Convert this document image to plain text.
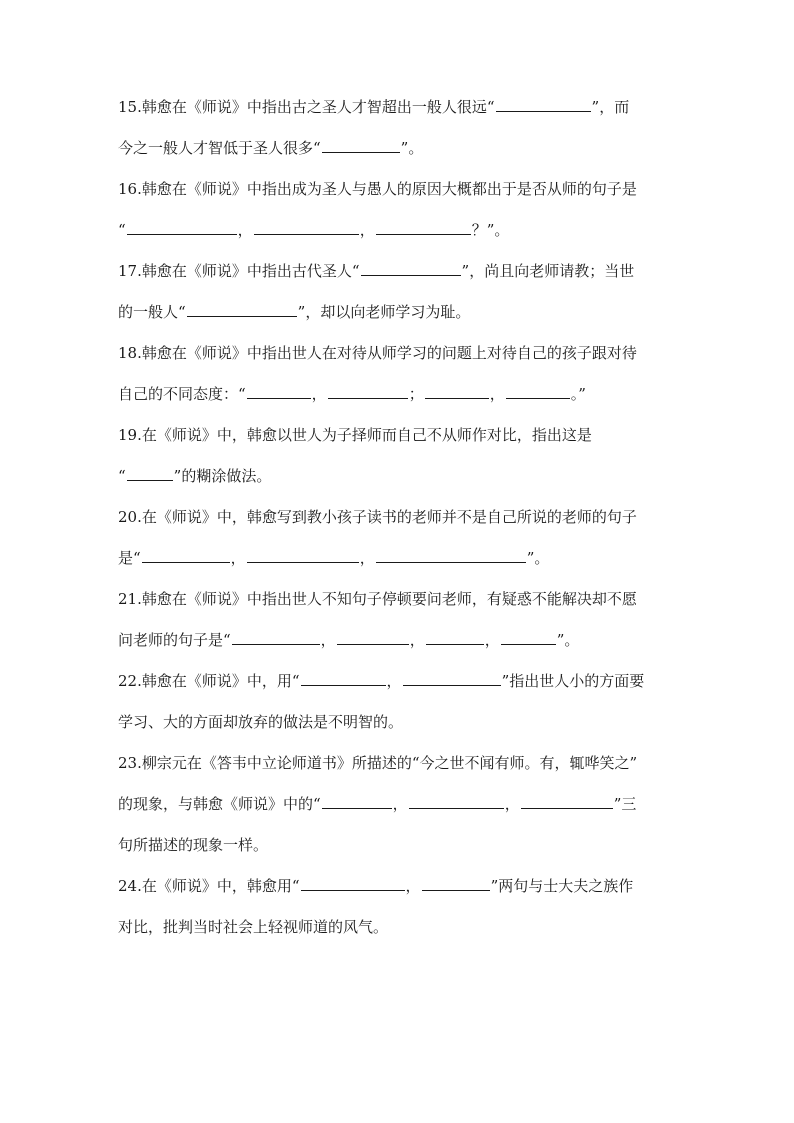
15.韩愈在《师说》中指出古之圣人才智超出一般人很远“	”，而
今之一般人才智低于圣人很多“	”。
16.韩愈在《师说》中指出成为圣人与愚人的原因大概都出于是否从师的句子是
“	，	，	？”。
17.韩愈在《师说》中指出古代圣人“	”，尚且向老师请教；当世
的一般人“	”，却以向老师学习为耻。
18.韩愈在《师说》中指出世人在对待从师学习的问题上对待自己的孩子跟对待
自己的不同态度：“	，	；	，	。”
19.在《师说》中，韩愈以世人为子择师而自己不从师作对比，指出这是
“	”的糊涂做法。
20.在《师说》中，韩愈写到教小孩子读书的老师并不是自己所说的老师的句子
是“	，	，	”。
21.韩愈在《师说》中指出世人不知句子停顿要问老师，有疑惑不能解决却不愿
问老师的句子是“	，	，	，	”。
22.韩愈在《师说》中，用“	，	”指出世人小的方面要
学习、大的方面却放弃的做法是不明智的。
23.柳宗元在《答韦中立论师道书》所描述的“今之世不闻有师。有，辄哗笑之”
的现象，与韩愈《师说》中的“	，	，	”三
句所描述的现象一样。
24.在《师说》中，韩愈用“	，	”两句与士大夫之族作
对比，批判当时社会上轻视师道的风气。
